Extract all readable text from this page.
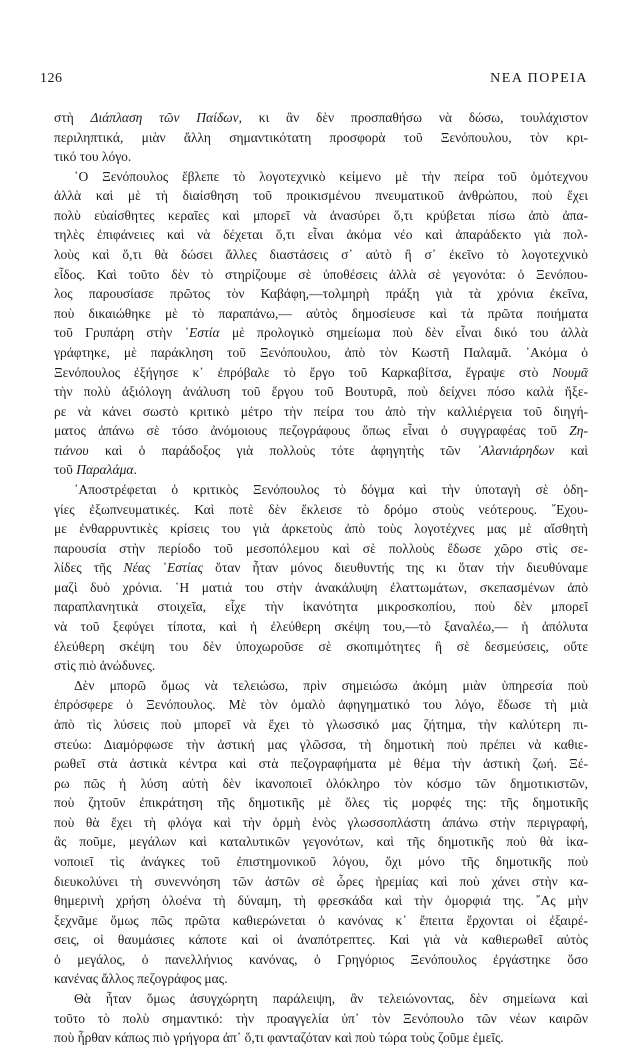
126	ΝΕΑ ΠΟΡΕΙΑ
στὴ Διάπλαση τῶν Παίδων, κι ἂν δὲν προσπαθήσω νὰ δώσω, τουλάχιστον
περιληπτικά, μιὰν ἄλλη σημαντικότατη προσφορὰ τοῦ Ξενόπουλου, τὸν κρι-
τικό του λόγο.
῾Ο Ξενόπουλος ἔβλεπε τὸ λογοτεχνικὸ κείμενο μὲ τὴν πείρα τοῦ ὁμότεχνου
ἀλλὰ καὶ μὲ τὴ διαίσθηση τοῦ προικισμένου πνευματικοῦ ἀνθρώπου, ποὺ ἔχει
πολὺ εὐαίσθητες κεραῖες καὶ μπορεῖ νὰ ἀνασύρει ὅ,τι κρύβεται πίσω ἀπὸ ἀπα-
τηλὲς ἐπιφάνειες καὶ νὰ δέχεται ὅ,τι εἶναι ἀκόμα νέο καὶ ἀπαράδεκτο γιὰ πολ-
λοὺς καὶ ὅ,τι θὰ δώσει ἄλλες διαστάσεις σ᾿ αὐτὸ ἢ σ᾿ ἐκεῖνο τὸ λογοτεχνικὸ
εἶδος. Καὶ τοῦτο δὲν τὸ στηρίζουμε σὲ ὑποθέσεις ἀλλὰ σὲ γεγονότα: ὁ Ξενόπου-
λος παρουσίασε πρῶτος τὸν Καβάφη,—τολμηρὴ πράξη γιὰ τὰ χρόνια ἐκεῖνα,
ποὺ δικαιώθηκε μὲ τὸ παραπάνω,— αὐτὸς δημοσίευσε καὶ τὰ πρῶτα ποιήματα
τοῦ Γρυπάρη στὴν ῾Εστία μὲ προλογικὸ σημείωμα ποὺ δὲν εἶναι δικό του ἀλλὰ
γράφτηκε, μὲ παράκληση τοῦ Ξενόπουλου, ἀπὸ τὸν Κωστῆ Παλαμᾶ. ᾿Ακόμα ὁ
Ξενόπουλος ἐξήγησε κ᾿ ἐπρόβαλε τὸ ἔργο τοῦ Καρκαβίτσα, ἔγραψε στὸ Νουμᾶ
τὴν πολὺ ἀξιόλογη ἀνάλυση τοῦ ἔργου τοῦ Βουτυρᾶ, ποὺ δείχνει πόσο καλὰ ἤξε-
ρε νὰ κάνει σωστὸ κριτικὸ μέτρο τὴν πείρα του ἀπὸ τὴν καλλιέργεια τοῦ διηγή-
ματος ἀπάνω σὲ τόσο ἀνόμοιους πεζογράφους ὅπως εἶναι ὁ συγγραφέας τοῦ Ζη-
τιάνου καὶ ὁ παράδοξος γιὰ πολλοὺς τότε ἀφηγητὴς τῶν ᾿Αλανιάρηδων καὶ
τοῦ Παραλάμα.
᾿Αποστρέφεται ὁ κριτικὸς Ξενόπουλος τὸ δόγμα καὶ τὴν ὑποταγὴ σὲ ὁδη-
γίες ἐξωπνευματικές. Καὶ ποτὲ δὲν ἔκλεισε τὸ δρόμο στοὺς νεότερους. ῎Εχου-
με ἐνθαρρυντικὲς κρίσεις του γιὰ ἀρκετοὺς ἀπὸ τοὺς λογοτέχνες μας μὲ αἴσθητὴ
παρουσία στὴν περίοδο τοῦ μεσοπόλεμου καὶ σὲ πολλοὺς ἔδωσε χῶρο στὶς σε-
λίδες τῆς Νέας ῾Εστίας ὅταν ἦταν μόνος διευθυντής της κι ὅταν τὴν διευθύναμε
μαζὶ δυὸ χρόνια. ῾Η ματιά του στὴν ἀνακάλυψη ἐλαττωμάτων, σκεπασμένων ἀπὸ
παραπλανητικὰ στοιχεῖα, εἶχε τὴν ἱκανότητα μικροσκοπίου, ποὺ δὲν μπορεῖ
νὰ τοῦ ξεφύγει τίποτα, καὶ ἡ ἐλεύθερη σκέψη του,—τὸ ξαναλέω,— ἡ ἀπόλυτα
ἐλεύθερη σκέψη του δὲν ὑποχωροῦσε σὲ σκοπιμότητες ἢ σὲ δεσμεύσεις, οὔτε
στὶς πιὸ ἀνώδυνες.
Δὲν μπορῶ ὅμως νὰ τελειώσω, πρὶν σημειώσω ἀκόμη μιὰν ὑπηρεσία ποὺ
ἐπρόσφερε ὁ Ξενόπουλος. Μὲ τὸν ὁμαλὸ ἀφηγηματικό του λόγο, ἔδωσε τὴ μιὰ
ἀπὸ τὶς λύσεις ποὺ μπορεῖ νὰ ἔχει τὸ γλωσσικό μας ζήτημα, τὴν καλύτερη πι-
στεύω: Διαμόρφωσε τὴν ἀστική μας γλῶσσα, τὴ δημοτικὴ ποὺ πρέπει νὰ καθιε-
ρωθεῖ στὰ ἀστικὰ κέντρα καὶ στὰ πεζογραφήματα μὲ θέμα τὴν ἀστικὴ ζωή. Ξέ-
ρω πῶς ἡ λύση αὐτὴ δὲν ἱκανοποιεῖ ὁλόκληρο τὸν κόσμο τῶν δημοτικιστῶν,
ποὺ ζητοῦν ἐπικράτηση τῆς δημοτικῆς μὲ ὅλες τὶς μορφές της: τῆς δημοτικῆς
ποὺ θὰ ἔχει τὴ φλόγα καὶ τὴν ὁρμὴ ἑνὸς γλωσσοπλάστη ἀπάνω στὴν περιγραφή,
ἂς ποῦμε, μεγάλων καὶ καταλυτικῶν γεγονότων, καὶ τῆς δημοτικῆς ποὺ θὰ ἱκα-
νοποιεῖ τὶς ἀνάγκες τοῦ ἐπιστημονικοῦ λόγου, ὄχι μόνο τῆς δημοτικῆς ποὺ
διευκολύνει τὴ συνεννόηση τῶν ἀστῶν σὲ ὧρες ἠρεμίας καὶ ποὺ χάνει στὴν κα-
θημερινὴ χρήση ὁλοένα τὴ δύναμη, τὴ φρεσκάδα καὶ τὴν ὀμορφιά της. ῎Ας μὴν
ξεχνᾶμε ὅμως πῶς πρῶτα καθιερώνεται ὁ κανόνας κ᾿ ἔπειτα ἔρχονται οἱ ἐξαιρέ-
σεις, οἱ θαυμάσιες κάποτε καὶ οἱ ἀναπότρεπτες. Καὶ γιὰ νὰ καθιερωθεῖ αὐτὸς
ὁ μεγάλος, ὁ πανελλήνιος κανόνας, ὁ Γρηγόριος Ξενόπουλος ἐργάστηκε ὅσο
κανένας ἄλλος πεζογράφος μας.
Θὰ ἦταν ὅμως ἀσυγχώρητη παράλειψη, ἂν τελειώνοντας, δὲν σημείωνα καὶ
τοῦτο τὸ πολὺ σημαντικό: τὴν προαγγελία ὑπ᾿ τὸν Ξενόπουλο τῶν νέων καιρῶν
ποὺ ἦρθαν κάπως πιὸ γρήγορα ἀπ᾿ ὅ,τι φανταζόταν καὶ ποὺ τώρα τοὺς ζοῦμε ἐμεῖς.
